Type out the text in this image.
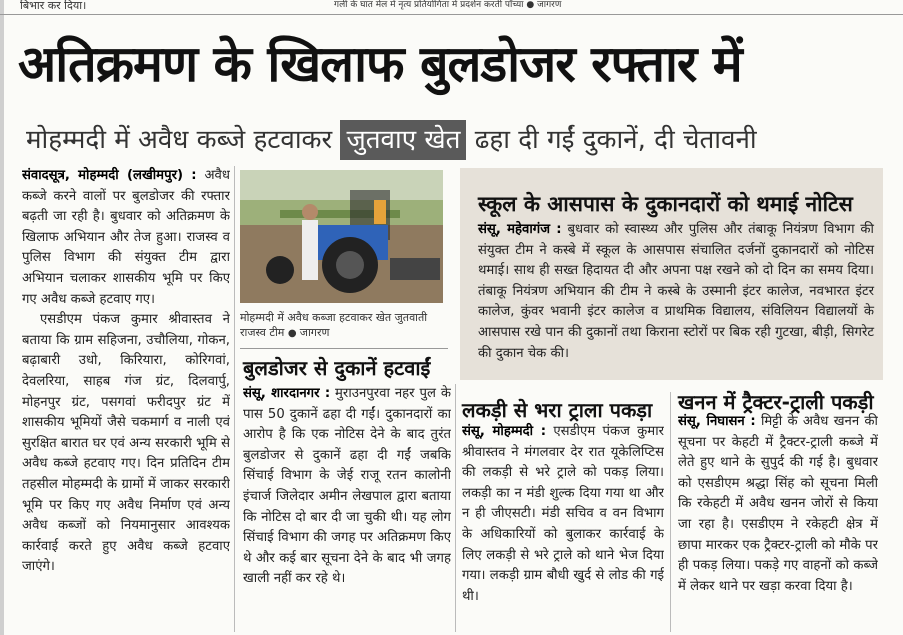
बिभार कर दिया।	गली के घात मेल में नृत्य प्रतियोगिता में प्रदर्शन करती पाँच्या ● जागरण
अतिक्रमण के खिलाफ बुलडोजर रफ्तार में
मोहम्मदी में अवैध कब्जे हटवाकर जुतवाए खेत ढहा दी गईं दुकानें, दी चेतावनी
संवादसूत्र, मोहम्मदी (लखीमपुर) : अवैध कब्जे करने वालों पर बुलडोजर की रफ्तार बढ़ती जा रही है। बुधवार को अतिक्रमण के खिलाफ अभियान और तेज हुआ। राजस्व व पुलिस विभाग की संयुक्त टीम द्वारा अभियान चलाकर शासकीय भूमि पर किए गए अवैध कब्जे हटवाए गए।
एसडीएम पंकज कुमार श्रीवास्तव ने बताया कि ग्राम सहिजना, उचौलिया, गोकन, बढ़ाबारी उधो, किरियारा, कोरिगवां, देवलरिया, साहब गंज ग्रंट, दिलवार्पु, मोहनपुर ग्रंट, पसगवां फरीदपुर ग्रंट में शासकीय भूमियों जैसे चकमार्ग व नाली एवं सुरक्षित बारात घर एवं अन्य सरकारी भूमि से अवैध कब्जे हटवाए गए। दिन प्रतिदिन टीम तहसील मोहम्मदी के ग्रामों में जाकर सरकारी भूमि पर किए गए अवैध निर्माण एवं अन्य अवैध कब्जों को नियमानुसार आवश्यक कार्रवाई करते हुए अवैध कब्जे हटवाए जाएंगे।
मोहम्मदी में अवैध कब्जा हटवाकर खेत जुतवाती राजस्व टीम ● जागरण
बुलडोजर से दुकानें हटवाईं
संसू, शारदानगर : मुराउनपुरवा नहर पुल के पास 50 दुकानें ढहा दी गईं। दुकानदारों का आरोप है कि एक नोटिस देने के बाद तुरंत बुलडोजर से दुकानें ढहा दी गईं जबकि सिंचाई विभाग के जेई राजू रतन कालोनी इंचार्ज जिलेदार अमीन लेखपाल द्वारा बताया कि नोटिस दो बार दी जा चुकी थी। यह लोग सिंचाई विभाग की जगह पर अतिक्रमण किए थे और कई बार सूचना देने के बाद भी जगह खाली नहीं कर रहे थे।
स्कूल के आसपास के दुकानदारों को थमाई नोटिस
संसू, महेवागंज : बुधवार को स्वास्थ्य और पुलिस और तंबाकू नियंत्रण विभाग की संयुक्त टीम ने कस्बे में स्कूल के आसपास संचालित दर्जनों दुकानदारों को नोटिस थमाई। साथ ही सख्त हिदायत दी और अपना पक्ष रखने को दो दिन का समय दिया। तंबाकू नियंत्रण अभियान की टीम ने कस्बे के उस्मानी इंटर कालेज, नवभारत इंटर कालेज, कुंवर भवानी इंटर कालेज व प्राथमिक विद्यालय, संविलियन विद्यालयों के आसपास रखे पान की दुकानों तथा किराना स्टोरों पर बिक रही गुटखा, बीड़ी, सिगरेट की दुकान चेक की।
लकड़ी से भरा ट्राला पकड़ा
संसू, मोहम्मदी : एसडीएम पंकज कुमार श्रीवास्तव ने मंगलवार देर रात यूकेलिप्टिस की लकड़ी से भरे ट्राले को पकड़ लिया। लकड़ी का न मंडी शुल्क दिया गया था और न ही जीएसटी। मंडी सचिव व वन विभाग के अधिकारियों को बुलाकर कार्रवाई के लिए लकड़ी से भरे ट्राले को थाने भेज दिया गया। लकड़ी ग्राम बौधी खुर्द से लोड की गई थी।
खनन में ट्रैक्टर-ट्राली पकड़ी
संसू, निघासन : मिट्टी के अवैध खनन की सूचना पर केहटी में ट्रैक्टर-ट्राली कब्जे में लेते हुए थाने के सुपुर्द की गई है। बुधवार को एसडीएम श्रद्धा सिंह को सूचना मिली कि रकेहटी में अवैध खनन जोरों से किया जा रहा है। एसडीएम ने रकेहटी क्षेत्र में छापा मारकर एक ट्रैक्टर-ट्राली को मौके पर ही पकड़ लिया। पकड़े गए वाहनों को कब्जे में लेकर थाने पर खड़ा करवा दिया है।
